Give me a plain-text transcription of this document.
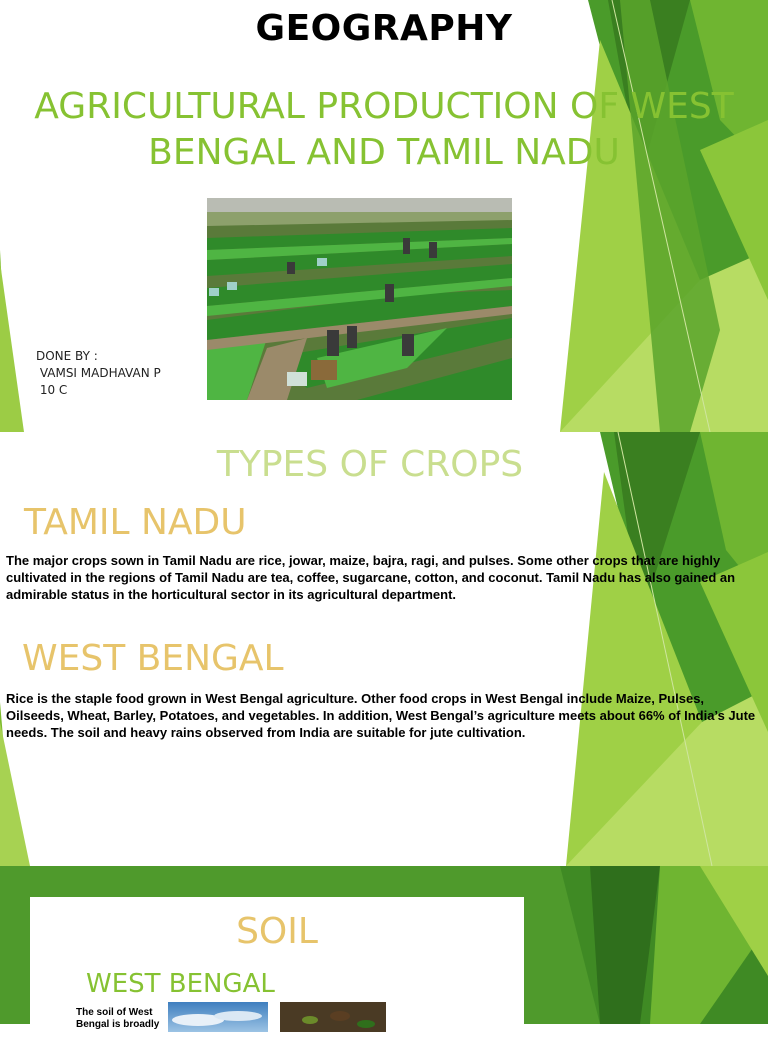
GEOGRAPHY
AGRICULTURAL PRODUCTION OF WEST
BENGAL AND TAMIL NADU
DONE BY :
VAMSI MADHAVAN P
10 C
TYPES OF CROPS
TAMIL NADU
The major crops sown in Tamil Nadu are rice, jowar, maize, bajra, ragi, and pulses. Some other crops that are highly cultivated in the regions of Tamil Nadu are tea, coffee, sugarcane, cotton, and coconut. Tamil Nadu has also gained an admirable status in the horticultural sector in its agricultural department.
WEST BENGAL
Rice is the staple food grown in West Bengal agriculture. Other food crops in West Bengal include Maize, Pulses, Oilseeds, Wheat, Barley, Potatoes, and vegetables. In addition, West Bengal’s agriculture meets about 66% of India’s Jute needs. The soil and heavy rains observed from India are suitable for jute cultivation.
SOIL
WEST BENGAL
The soil of West Bengal is broadly
